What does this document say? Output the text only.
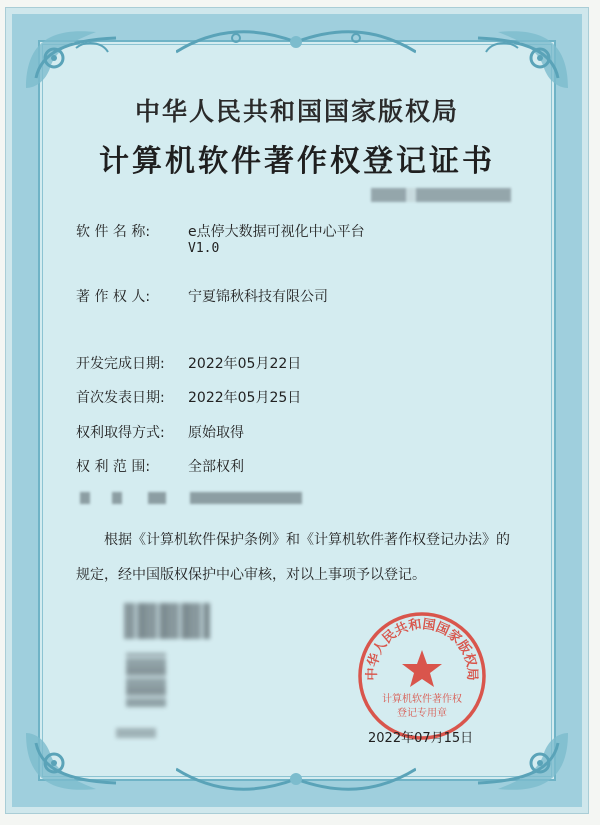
中华人民共和国国家版权局
计算机软件著作权登记证书
软 件 名 称:	e点停大数据可视化中心平台
V1.0
著 作 权 人:	宁夏锦秋科技有限公司
开发完成日期: 2022年05月22日
首次发表日期: 2022年05月25日
权利取得方式: 原始取得
权 利 范 围:	全部权利
根据《计算机软件保护条例》和《计算机软件著作权登记办法》的
规定，经中国版权保护中心审核，对以上事项予以登记。
中华人民共和国国家版权局
计算机软件著作权
登记专用章
2022年07月15日
